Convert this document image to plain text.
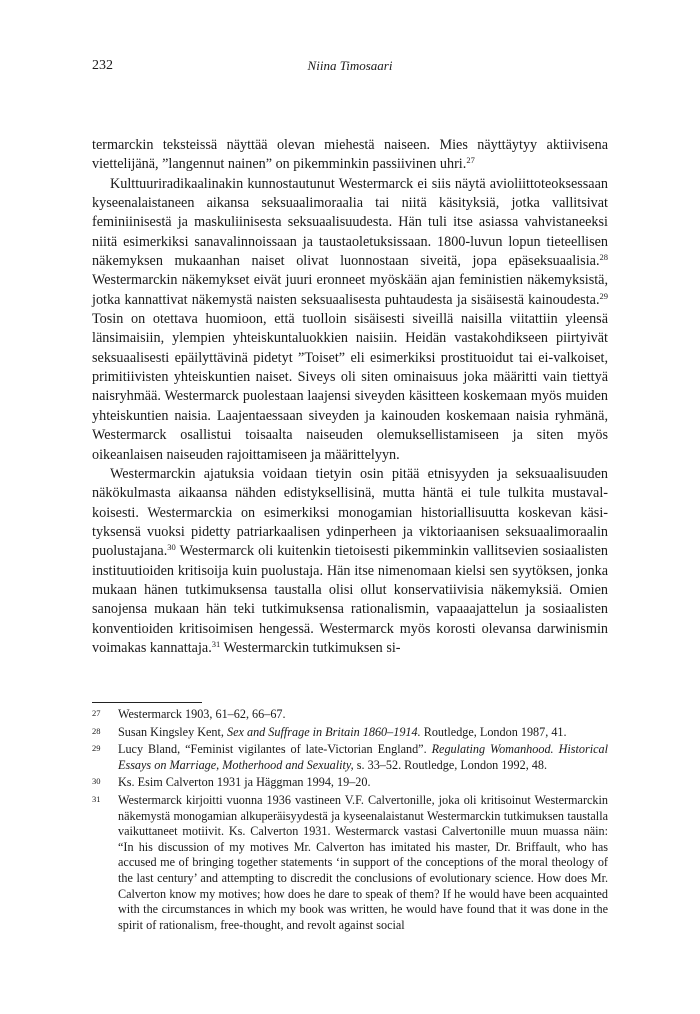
232	Niina Timosaari

termarckin teksteissä näyttää olevan miehestä naiseen. Mies näyttäytyy aktiivisena viettelijänä, ”langennut nainen” on pikemminkin passiivinen uhri.$^{27}$

Kulttuuriradikaalinakin kunnostautunut Westermarck ei siis näytä avioliittoteoksessaan kyseenalaistaneen aikansa seksuaalimoraalia tai niitä käsityksiä, jotka vallitsivat feminiinisestä ja maskuliinisesta seksuaalisuudesta. Hän tuli itse asiassa vahvistaneeksi niitä esimerkiksi sanavalinnoissaan ja taustaoletuksissaan. 1800-luvun lopun tieteellisen näkemyksen mukaanhan naiset olivat luonnostaan siveitä, jopa epäseksuaalisia.$^{28}$ Westermarckin näkemykset eivät juuri eronneet myöskään ajan feministien näkemyksistä, jotka kannattivat näkemystä naisten seksuaalisesta puhtaudesta ja sisäisestä kainoudesta.$^{29}$ Tosin on otettava huomioon, että tuolloin sisäisesti siveillä naisilla viitattiin yleensä länsimaisiin, ylempien yhteiskuntaluokkien naisiin. Heidän vastakohdikseen piirtyivät seksuaalisesti epäilyttävinä pidetyt ”Toiset” eli esimerkiksi prostituoidut tai ei-valkoiset, primitiivisten yhteiskuntien naiset. Siveys oli siten ominaisuus joka määritti vain tiettyä naisryhmää. Westermarck puolestaan laajensi siveyden käsitteen koskemaan myös muiden yhteiskuntien naisia. Laajentaessaan siveyden ja kainouden koskemaan naisia ryhmänä, Westermarck osallistui toisaalta naiseuden olemuksellistamiseen ja siten myös oikeanlaisen naiseuden rajoittamiseen ja määrittelyyn.

Westermarckin ajatuksia voidaan tietyin osin pitää etnisyyden ja seksuaalisuuden näkökulmasta aikaansa nähden edistyksellisinä, mutta häntä ei tule tulkita mustavalkoisesti. Westermarckia on esimerkiksi monogamian historiallisuutta koskevan käsityksensä vuoksi pidetty patriarkaalisen ydinperheen ja viktoriaanisen seksuaalimoraalin puolustajana.$^{30}$ Westermarck oli kuitenkin tietoisesti pikemminkin vallitsevien sosiaalisten instituutioiden kritisoija kuin puolustaja. Hän itse nimenomaan kielsi sen syytöksen, jonka mukaan hänen tutkimuksensa taustalla olisi ollut konservatiivisia näkemyksiä. Omien sanojensa mukaan hän teki tutkimuksensa rationalismin, vapaaajattelun ja sosiaalisten konventioiden kritisoimisen hengessä. Westermarck myös korosti olevansa darwinismin voimakas kannattaja.$^{31}$ Westermarckin tutkimuksen si-

27	Westermarck 1903, 61–62, 66–67.
28	Susan Kingsley Kent, Sex and Suffrage in Britain 1860–1914. Routledge, London 1987, 41.
29	Lucy Bland, “Feminist vigilantes of late-Victorian England”. Regulating Womanhood. Historical Essays on Marriage, Motherhood and Sexuality, s. 33–52. Routledge, London 1992, 48.
30	Ks. Esim Calverton 1931 ja Häggman 1994, 19–20.
31	Westermarck kirjoitti vuonna 1936 vastineen V.F. Calvertonille, joka oli kritisoinut Westermarckin näkemystä monogamian alkuperäisyydestä ja kyseenalaistanut Westermarckin tutkimuksen taustalla vaikuttaneet motiivit. Ks. Calverton 1931. Westermarck vastasi Calvertonille muun muassa näin: “In his discussion of my motives Mr. Calverton has imitated his master, Dr. Briffault, who has accused me of bringing together statements ‘in support of the conceptions of the moral theology of the last century’ and attempting to discredit the conclusions of evolutionary science. How does Mr. Calverton know my motives; how does he dare to speak of them? If he would have been acquainted with the circumstances in which my book was written, he would have found that it was done in the spirit of rationalism, free-thought, and revolt against social
